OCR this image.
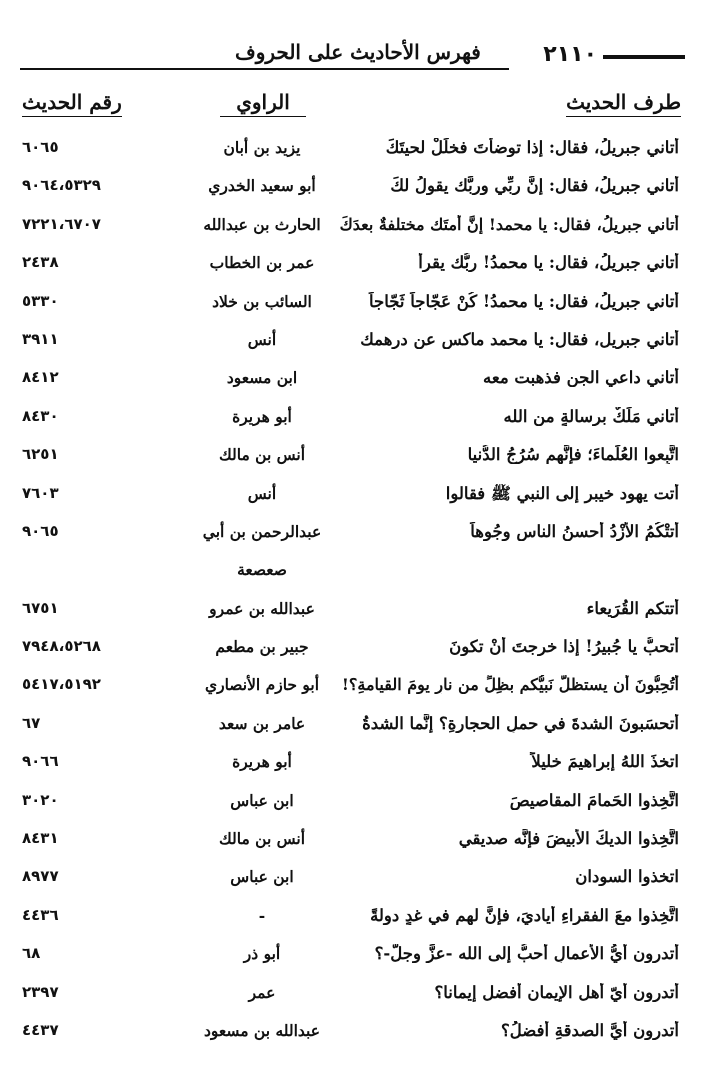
٢١١٠
فهرس الأحاديث على الحروف
طرف الحديث
الراوي
رقم الحديث
أتاني جبريلُ، فقال: إذا توضأتَ فخلِّلْ لحيتَكَ
يزيد بن أبان
٦٠٦٥
أتاني جبريلُ، فقال: إنَّ ربِّي وربَّك يقولُ لكَ
أبو سعيد الخدري
٩٠٦٤،٥٣٢٩
أتاني جبريلُ، فقال: يا محمد! إنَّ أمتَك مختلفةٌ بعدَكَ
الحارث بن عبدالله
٧٢٢١،٦٧٠٧
أتاني جبريلُ، فقال: يا محمدُ! ربُّك يقرأُ
عمر بن الخطاب
٢٤٣٨
أتاني جبريلُ، فقال: يا محمدُ! كُنْ عَجّاجاً ثَجّاجاً
السائب بن خلاد
٥٣٣٠
أتاني جبريل، فقال: يا محمد ماكس عن درهمك
أنس
٣٩١١
أتاني داعي الجن فذهبت معه
ابن مسعود
٨٤١٢
أتاني مَلَكٌ برسالةٍ من الله
أبو هريرة
٨٤٣٠
اتَّبِعوا العُلَماءَ؛ فإنَّهم سُرُجُ الدُّنيا
أنس بن مالك
٦٢٥١
أتت يهود خيبر إلى النبي ﷺ فقالوا
أنس
٧٦٠٣
أتتْكُمُ الأزْدُ أحسنُ الناسِ وجُوهاً
عبدالرحمن بن أبي
٩٠٦٥
صعصعة
أتتكم القُرَيعاء
عبدالله بن عمرو
٦٧٥١
أتحبُّ يا جُبيرُ! إذا خرجتَ أنْ تكونَ
جبير بن مطعم
٧٩٤٨،٥٢٦٨
أتُحِبُّونَ أن يستظلَّ نَبيُّكم بظِلٍّ من نارٍ يومَ القيامةِ؟!
أبو حازم الأنصاري
٥٤١٧،٥١٩٢
أتحسَبونَ الشدةَ في حملِ الحجارةِ؟ إنَّما الشدةُ
عامر بن سعد
٦٧
اتخذَ اللهُ إبراهيمَ خليلاً
أبو هريرة
٩٠٦٦
اتَّخِذوا الحَمامَ المقاصيصَ
ابن عباس
٣٠٢٠
اتَّخِذوا الديكَ الأبيضَ فإنَّه صديقي
أنس بن مالك
٨٤٣١
اتخذوا السودان
ابن عباس
٨٩٧٧
اتَّخِذوا معَ الفقراءِ أياديَ، فإنَّ لهم في غدٍ دولةً
-
٤٤٣٦
أتدرون أيُّ الأعمالِ أحبُّ إلى الله -عزَّ وجلَّ-؟
أبو ذر
٦٨
أتدرون أيّ أهل الإيمان أفضل إيمانا؟
عمر
٢٣٩٧
أتدرون أيَّ الصدقةِ أفضلُ؟
عبدالله بن مسعود
٤٤٣٧
